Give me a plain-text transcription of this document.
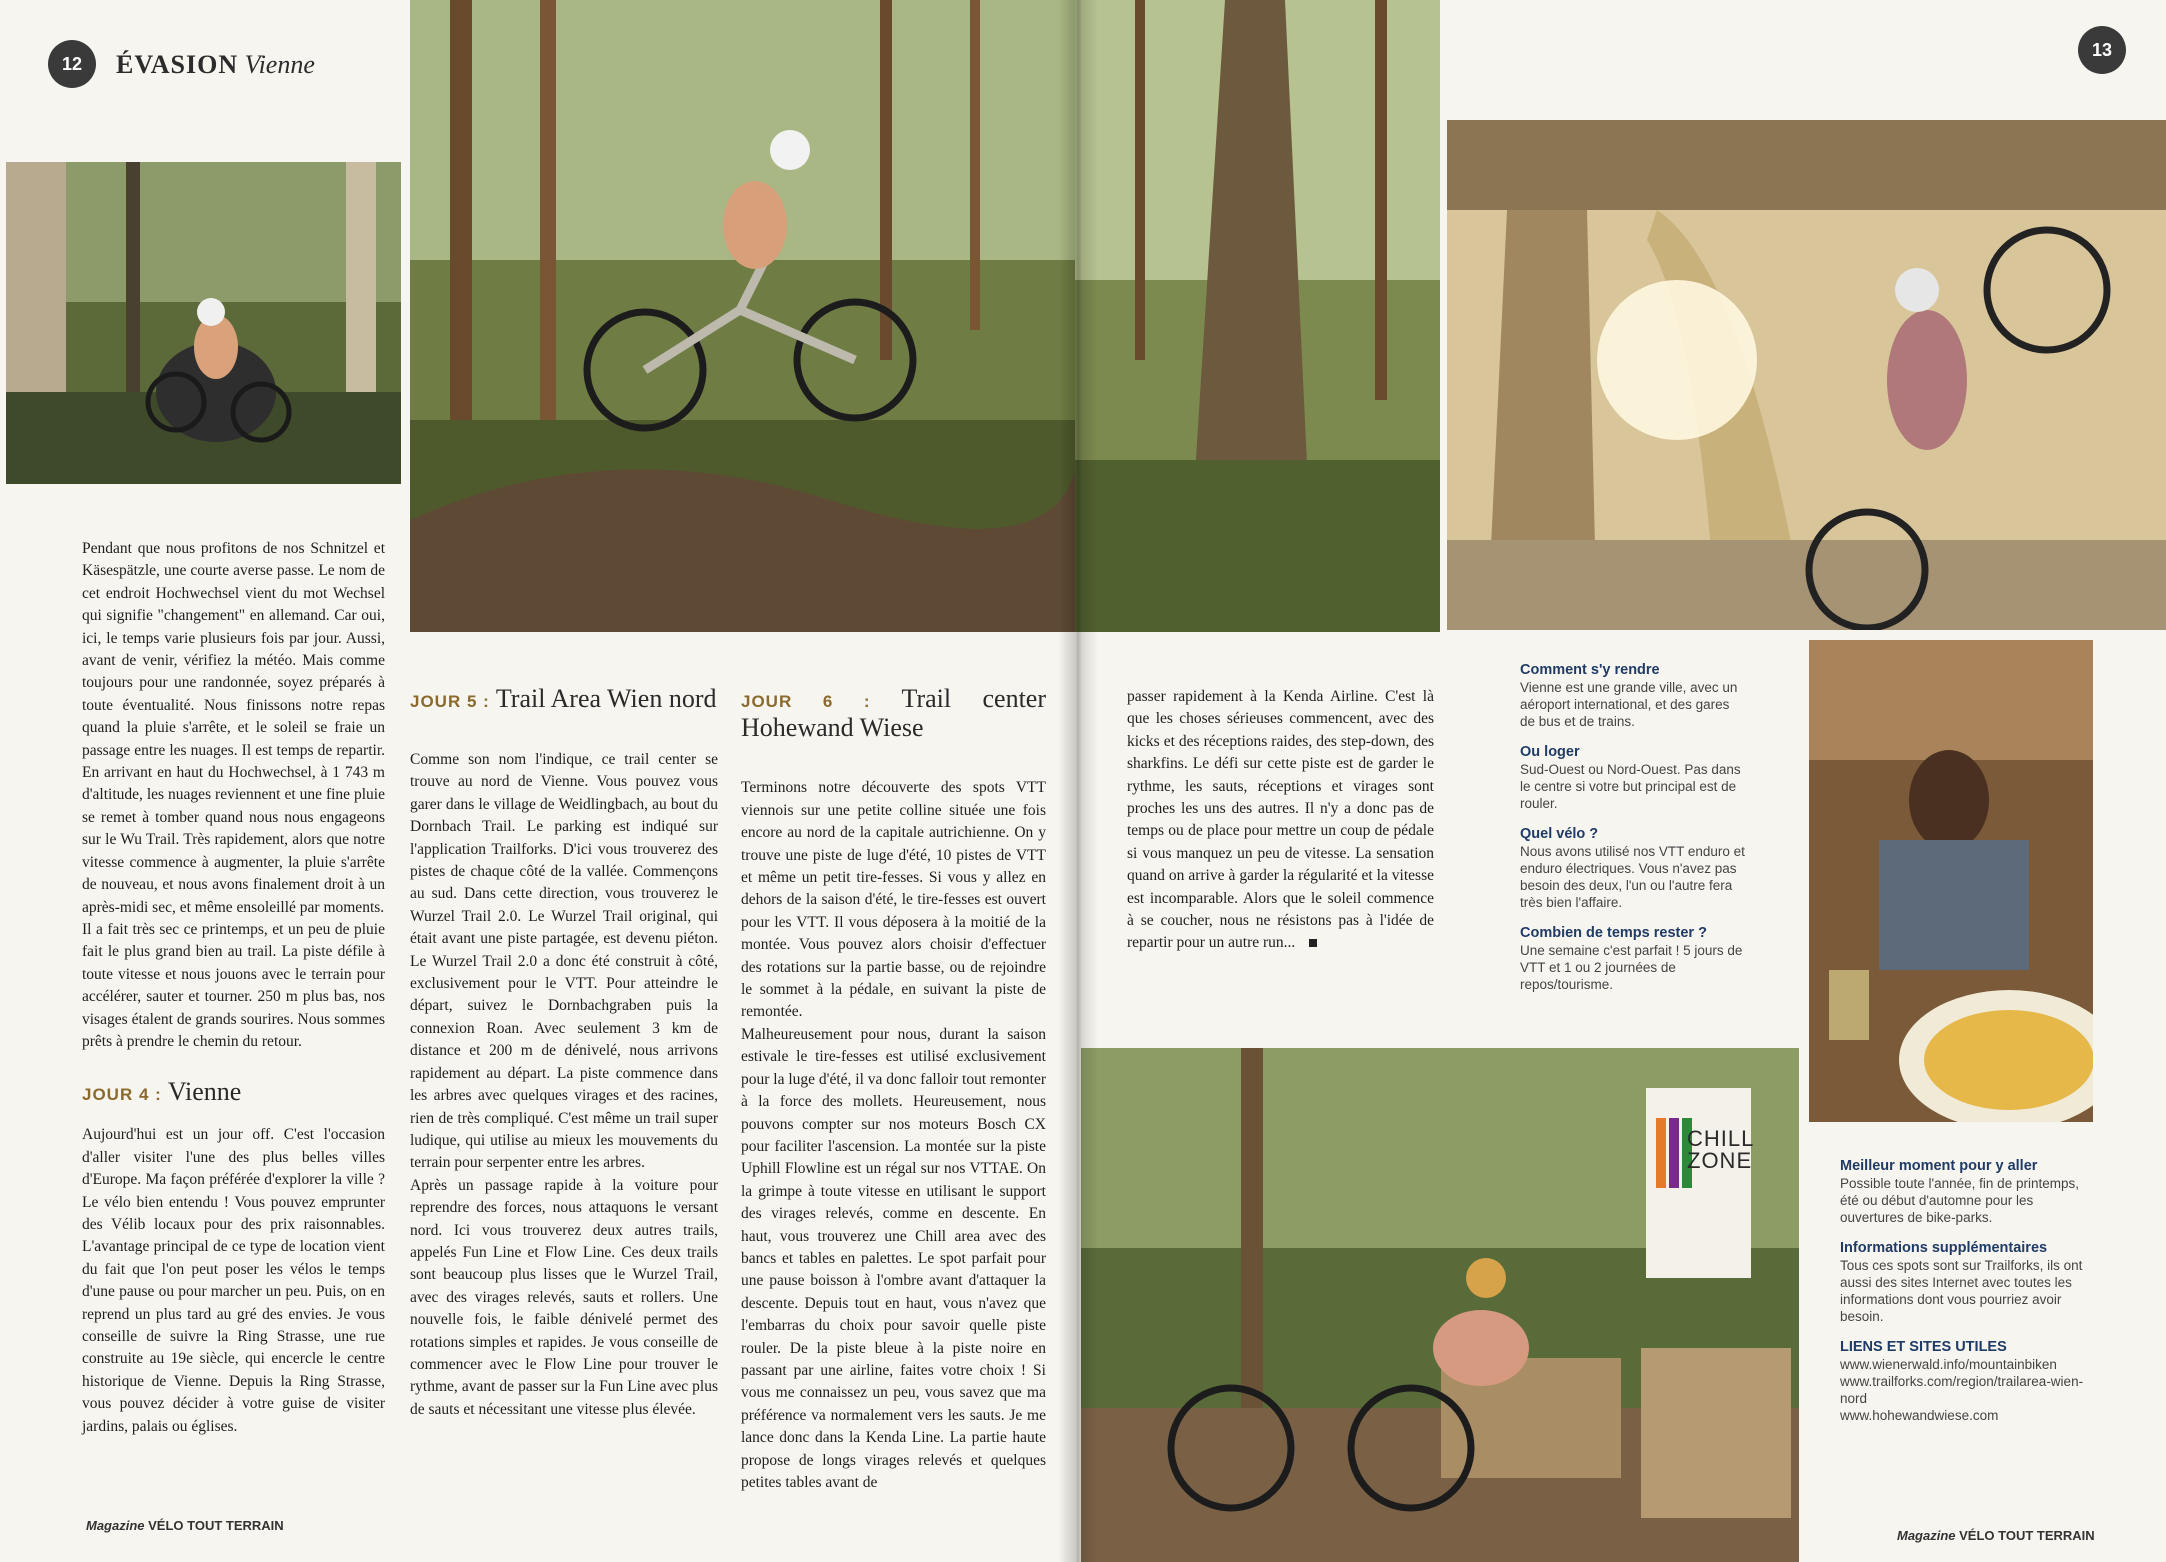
12	ÉVASION Vienne

Pendant que nous profitons de nos Schnitzel et Käsespätzle, une courte averse passe. Le nom de cet endroit Hochwechsel vient du mot Wechsel qui signifie "changement" en allemand. Car oui, ici, le temps varie plusieurs fois par jour. Aussi, avant de venir, vérifiez la météo. Mais comme toujours pour une randonnée, soyez préparés à toute éventualité. Nous finissons notre repas quand la pluie s'arrête, et le soleil se fraie un passage entre les nuages. Il est temps de repartir. En arrivant en haut du Hochwechsel, à 1 743 m d'altitude, les nuages reviennent et une fine pluie se remet à tomber quand nous nous engageons sur le Wu Trail. Très rapidement, alors que notre vitesse commence à augmenter, la pluie s'arrête de nouveau, et nous avons finalement droit à un après-midi sec, et même ensoleillé par moments.

Il a fait très sec ce printemps, et un peu de pluie fait le plus grand bien au trail. La piste défile à toute vitesse et nous jouons avec le terrain pour accélérer, sauter et tourner. 250 m plus bas, nos visages étalent de grands sourires. Nous sommes prêts à prendre le chemin du retour.

JOUR 4 : Vienne

Aujourd'hui est un jour off. C'est l'occasion d'aller visiter l'une des plus belles villes d'Europe. Ma façon préférée d'explorer la ville ? Le vélo bien entendu ! Vous pouvez emprunter des Vélib locaux pour des prix raisonnables. L'avantage principal de ce type de location vient du fait que l'on peut poser les vélos le temps d'une pause ou pour marcher un peu. Puis, on en reprend un plus tard au gré des envies. Je vous conseille de suivre la Ring Strasse, une rue construite au 19e siècle, qui encercle le centre historique de Vienne. Depuis la Ring Strasse, vous pouvez décider à votre guise de visiter jardins, palais ou églises.

JOUR 5 : Trail Area Wien nord

Comme son nom l'indique, ce trail center se trouve au nord de Vienne. Vous pouvez vous garer dans le village de Weidlingbach, au bout du Dornbach Trail. Le parking est indiqué sur l'application Trailforks. D'ici vous trouverez des pistes de chaque côté de la vallée. Commençons au sud. Dans cette direction, vous trouverez le Wurzel Trail 2.0. Le Wurzel Trail original, qui était avant une piste partagée, est devenu piéton. Le Wurzel Trail 2.0 a donc été construit à côté, exclusivement pour le VTT. Pour atteindre le départ, suivez le Dornbachgraben puis la connexion Roan. Avec seulement 3 km de distance et 200 m de dénivelé, nous arrivons rapidement au départ. La piste commence dans les arbres avec quelques virages et des racines, rien de très compliqué. C'est même un trail super ludique, qui utilise au mieux les mouvements du terrain pour serpenter entre les arbres.

Après un passage rapide à la voiture pour reprendre des forces, nous attaquons le versant nord. Ici vous trouverez deux autres trails, appelés Fun Line et Flow Line. Ces deux trails sont beaucoup plus lisses que le Wurzel Trail, avec des virages relevés, sauts et rollers. Une nouvelle fois, le faible dénivelé permet des rotations simples et rapides. Je vous conseille de commencer avec le Flow Line pour trouver le rythme, avant de passer sur la Fun Line avec plus de sauts et nécessitant une vitesse plus élevée.

JOUR 6 : Trail center Hohewand Wiese

Terminons notre découverte des spots VTT viennois sur une petite colline située une fois encore au nord de la capitale autrichienne. On y trouve une piste de luge d'été, 10 pistes de VTT et même un petit tire-fesses. Si vous y allez en dehors de la saison d'été, le tire-fesses est ouvert pour les VTT. Il vous déposera à la moitié de la montée. Vous pouvez alors choisir d'effectuer des rotations sur la partie basse, ou de rejoindre le sommet à la pédale, en suivant la piste de remontée.

Malheureusement pour nous, durant la saison estivale le tire-fesses est utilisé exclusivement pour la luge d'été, il va donc falloir tout remonter à la force des mollets. Heureusement, nous pouvons compter sur nos moteurs Bosch CX pour faciliter l'ascension. La montée sur la piste Uphill Flowline est un régal sur nos VTTAE. On la grimpe à toute vitesse en utilisant le support des virages relevés, comme en descente. En haut, vous trouverez une Chill area avec des bancs et tables en palettes. Le spot parfait pour une pause boisson à l'ombre avant d'attaquer la descente. Depuis tout en haut, vous n'avez que l'embarras du choix pour savoir quelle piste rouler. De la piste bleue à la piste noire en passant par une airline, faites votre choix ! Si vous me connaissez un peu, vous savez que ma préférence va normalement vers les sauts. Je me lance donc dans la Kenda Line. La partie haute propose de longs virages relevés et quelques petites tables avant de

Magazine VÉLO TOUT TERRAIN
13

passer rapidement à la Kenda Airline. C'est là que les choses sérieuses commencent, avec des kicks et des réceptions raides, des step-down, des sharkfins. Le défi sur cette piste est de garder le rythme, les sauts, réceptions et virages sont proches les uns des autres. Il n'y a donc pas de temps ou de place pour mettre un coup de pédale si vous manquez un peu de vitesse. La sensation quand on arrive à garder la régularité et la vitesse est incomparable. Alors que le soleil commence à se coucher, nous ne résistons pas à l'idée de repartir pour un autre run...

Comment s'y rendre

Vienne est une grande ville, avec un aéroport international, et des gares de bus et de trains.

Ou loger

Sud-Ouest ou Nord-Ouest. Pas dans le centre si votre but principal est de rouler.

Quel vélo ?

Nous avons utilisé nos VTT enduro et enduro électriques. Vous n'avez pas besoin des deux, l'un ou l'autre fera très bien l'affaire.

Combien de temps rester ?

Une semaine c'est parfait ! 5 jours de VTT et 1 ou 2 journées de repos/tourisme.

CHILL
ZONE	Meilleur moment pour y aller

Possible toute l'année, fin de printemps, été ou début d'automne pour les ouvertures de bike-parks.

Informations supplémentaires

Tous ces spots sont sur Trailforks, ils ont aussi des sites Internet avec toutes les informations dont vous pourriez avoir besoin.

LIENS ET SITES UTILES
www.wienerwald.info/mountainbiken
www.trailforks.com/region/trailarea-wien-nord
www.hohewandwiese.com
Magazine VÉLO TOUT TERRAIN
